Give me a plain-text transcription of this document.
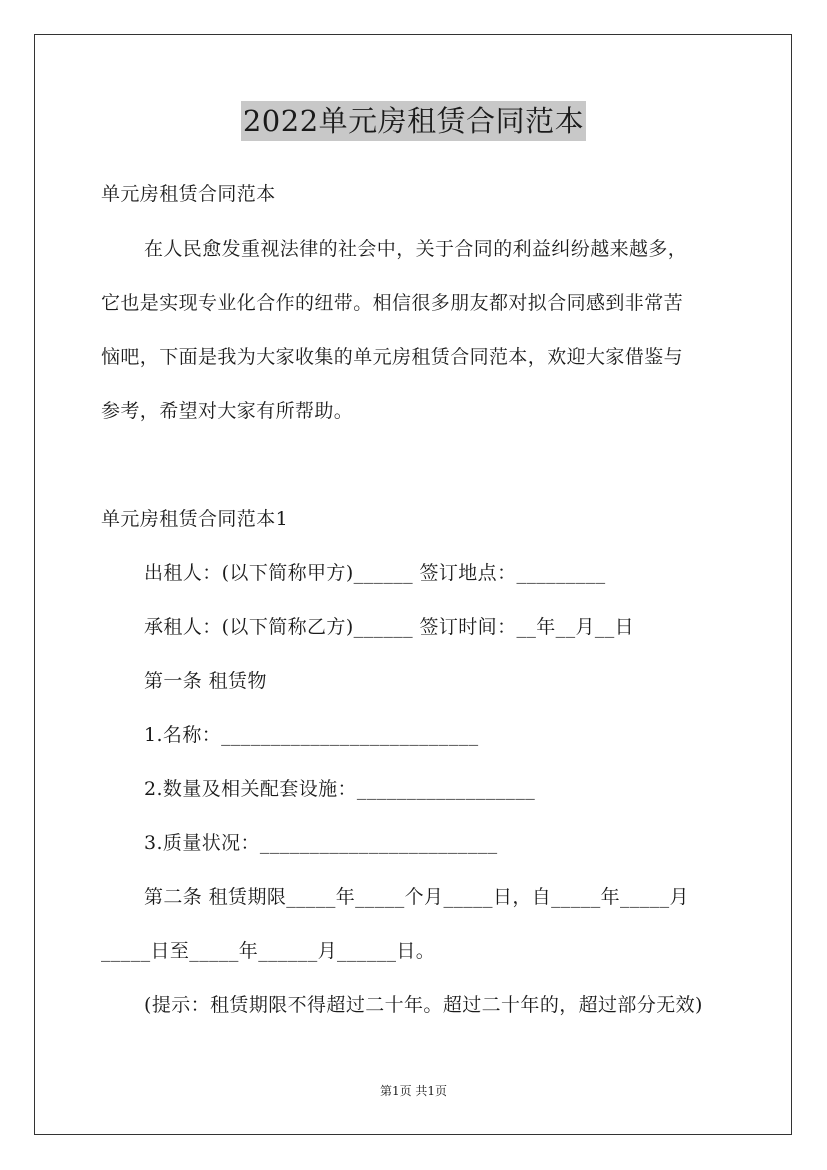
2022单元房租赁合同范本
单元房租赁合同范本
在人民愈发重视法律的社会中，关于合同的利益纠纷越来越多，
它也是实现专业化合作的纽带。相信很多朋友都对拟合同感到非常苦
恼吧，下面是我为大家收集的单元房租赁合同范本，欢迎大家借鉴与
参考，希望对大家有所帮助。
单元房租赁合同范本1
出租人：(以下简称甲方)______ 签订地点：_________
承租人：(以下简称乙方)______ 签订时间：__年__月__日
第一条 租赁物
1.名称：__________________________
2.数量及相关配套设施：__________________
3.质量状况：________________________
第二条 租赁期限_____年_____个月_____日，自_____年_____月
_____日至_____年______月______日。
(提示：租赁期限不得超过二十年。超过二十年的，超过部分无效)
第1页 共1页
